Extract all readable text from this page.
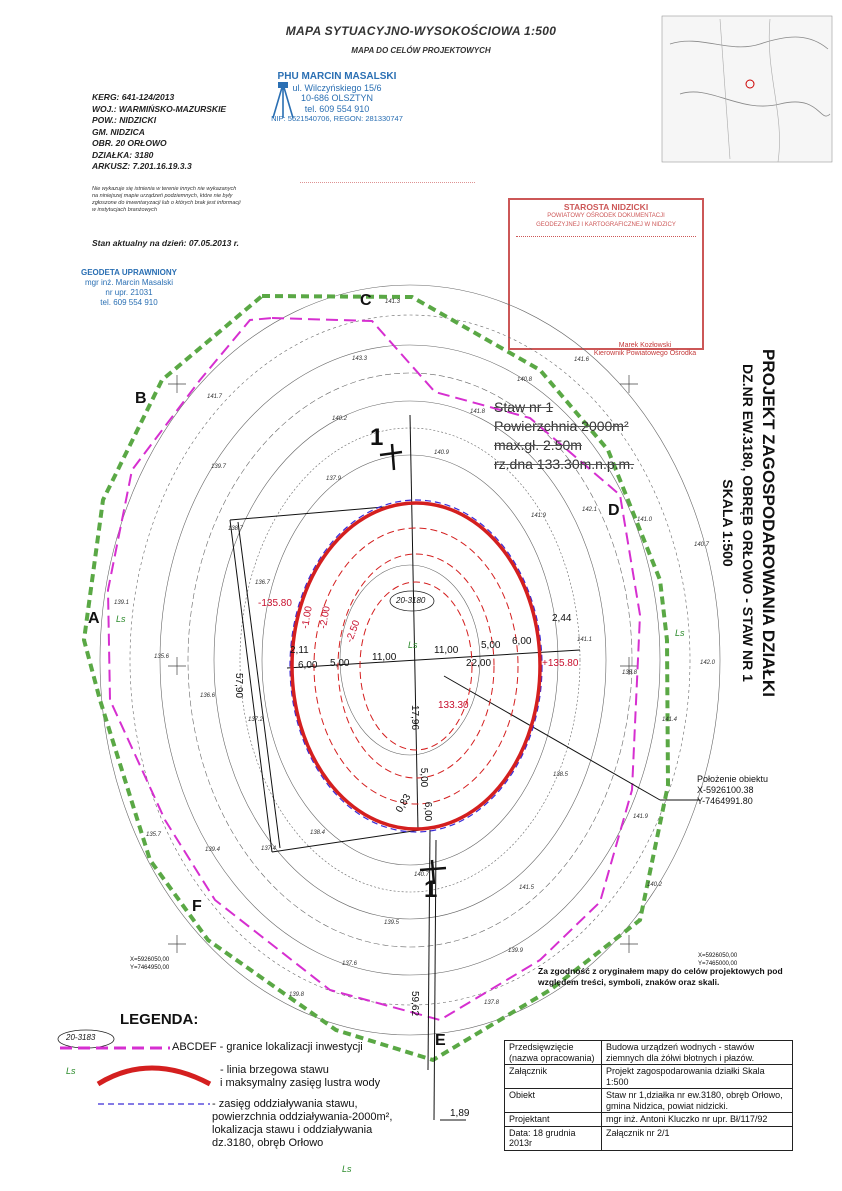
MAPA SYTUACYJNO-WYSOKOŚCIOWA 1:500
MAPA DO CELÓW PROJEKTOWYCH
KERG: 641-124/2013
WOJ.: WARMIŃSKO-MAZURSKIE
POW.: NIDZICKI
GM. NIDZICA
OBR. 20 ORŁOWO
DZIAŁKA: 3180
ARKUSZ: 7.201.16.19.3.3
Nie wykazuje się istnienia w terenie innych nie wykazanych na niniejszej mapie urządzeń podziemnych, które nie były zgłoszone do inwentaryzacji lub o których brak jest informacji w instytucjach branżowych
Stan aktualny na dzień: 07.05.2013 r.
PHU MARCIN MASALSKI
ul. Wilczyńskiego 15/6
10-686 OLSZTYN
tel. 609 554 910
NIP: 5621540706, REGON: 281330747
GEODETA UPRAWNIONY
mgr inż. Marcin Masalski
nr upr. 21031
tel. 609 554 910
STAROSTA NIDZICKI
POWIATOWY OŚRODEK DOKUMENTACJI
GEODEZYJNEJ I KARTOGRAFICZNEJ W NIDZICY
Marek Kozłowski
Kierownik Powiatowego Ośrodka
142.0
141.9
141.5
140.7
140.2
139.9
139.5
138.4
137.8
137.6
137.4
137.2
139.8
139.4
136.6
136.7
135.7
135.6
138.7
137.9
139.1
139.7
140.2
140.9
141.7
143.3
141.8
141.9
141.3
140.8
142.1
141.1
141.6
141.0
138.8
138.5
140.7
141.4
A
B
C
D
E
F
1
1
Staw nr 1
Powierzchnia 2000m²
max.gł. 2.50m
rz.dna 133.30m.n.p.m.
20-3180
-135.80
+135.80
133.30
-1.00 -2.00
-2.50
2,11
6,00 5,00
11,00
11,00 5,00 6,00
2,44
22,00
57,90
17,96
5,00
6,00
0,83
59,62
1,89
Położenie obiektu
X-5926100.38
Y-7464991.80
X=5926050,00
Y=7464950,00
X=5926050,00
Y=7465000,00
Ls
Ls
Ls
Ls
Ls	PROJEKT ZAGOSPODAROWANIA DZIAŁKI
DZ.NR EW.3180, OBRĘB ORŁOWO - STAW NR 1
SKALA 1:500
Za zgodność z oryginałem mapy do celów projektowych pod względem treści, symboli, znaków oraz skali.
LEGENDA:
20-3183
ABCDEF - granice lokalizacji inwestycji
- linia brzegowa stawu
i maksymalny zasięg lustra wody
- zasięg oddziaływania stawu,
powierzchnia oddziaływania-2000m²,
lokalizacja stawu i oddziaływania
dz.3180, obręb Orłowo
Przedsięwzięcie (nazwa opracowania)	Budowa urządzeń wodnych - stawów ziemnych dla żółwi błotnych i płazów.
Załącznik	Projekt zagospodarowania działki Skala 1:500
Obiekt	Staw nr 1,działka nr ew.3180, obręb Orłowo, gmina Nidzica, powiat nidzicki.
Projektant	mgr inż. Antoni Kluczko nr upr. Bł/117/92
Data: 18 grudnia 2013r	Załącznik nr 2/1
